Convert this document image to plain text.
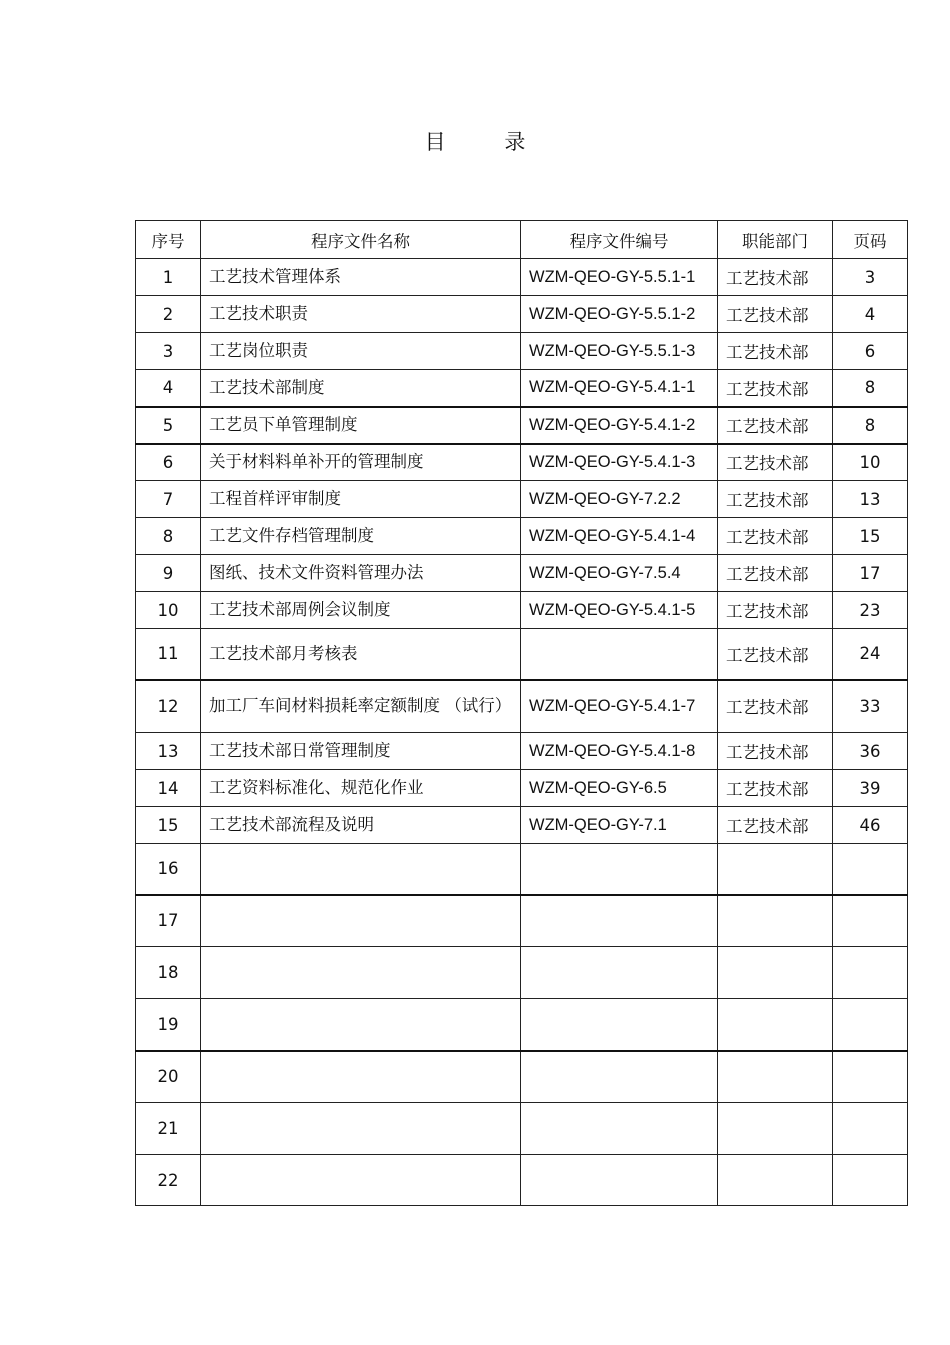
目 录
序号	程序文件名称	程序文件编号	职能部门	页码
1	工艺技术管理体系	WZM-QEO-GY-5.5.1-1	工艺技术部	3
2	工艺技术职责	WZM-QEO-GY-5.5.1-2	工艺技术部	4
3	工艺岗位职责	WZM-QEO-GY-5.5.1-3	工艺技术部	6
4	工艺技术部制度	WZM-QEO-GY-5.4.1-1	工艺技术部	8
5	工艺员下单管理制度	WZM-QEO-GY-5.4.1-2	工艺技术部	8
6	关于材料料单补开的管理制度	WZM-QEO-GY-5.4.1-3	工艺技术部	10
7	工程首样评审制度	WZM-QEO-GY-7.2.2	工艺技术部	13
8	工艺文件存档管理制度	WZM-QEO-GY-5.4.1-4	工艺技术部	15
9	图纸、技术文件资料管理办法	WZM-QEO-GY-7.5.4	工艺技术部	17
10	工艺技术部周例会议制度	WZM-QEO-GY-5.4.1-5	工艺技术部	23
11	工艺技术部月考核表		工艺技术部	24
12	加工厂车间材料损耗率定额制度 （试行）	WZM-QEO-GY-5.4.1-7	工艺技术部	33
13	工艺技术部日常管理制度	WZM-QEO-GY-5.4.1-8	工艺技术部	36
14	工艺资料标准化、规范化作业	WZM-QEO-GY-6.5	工艺技术部	39
15	工艺技术部流程及说明	WZM-QEO-GY-7.1	工艺技术部	46
16				
17				
18				
19				
20				
21				
22				
